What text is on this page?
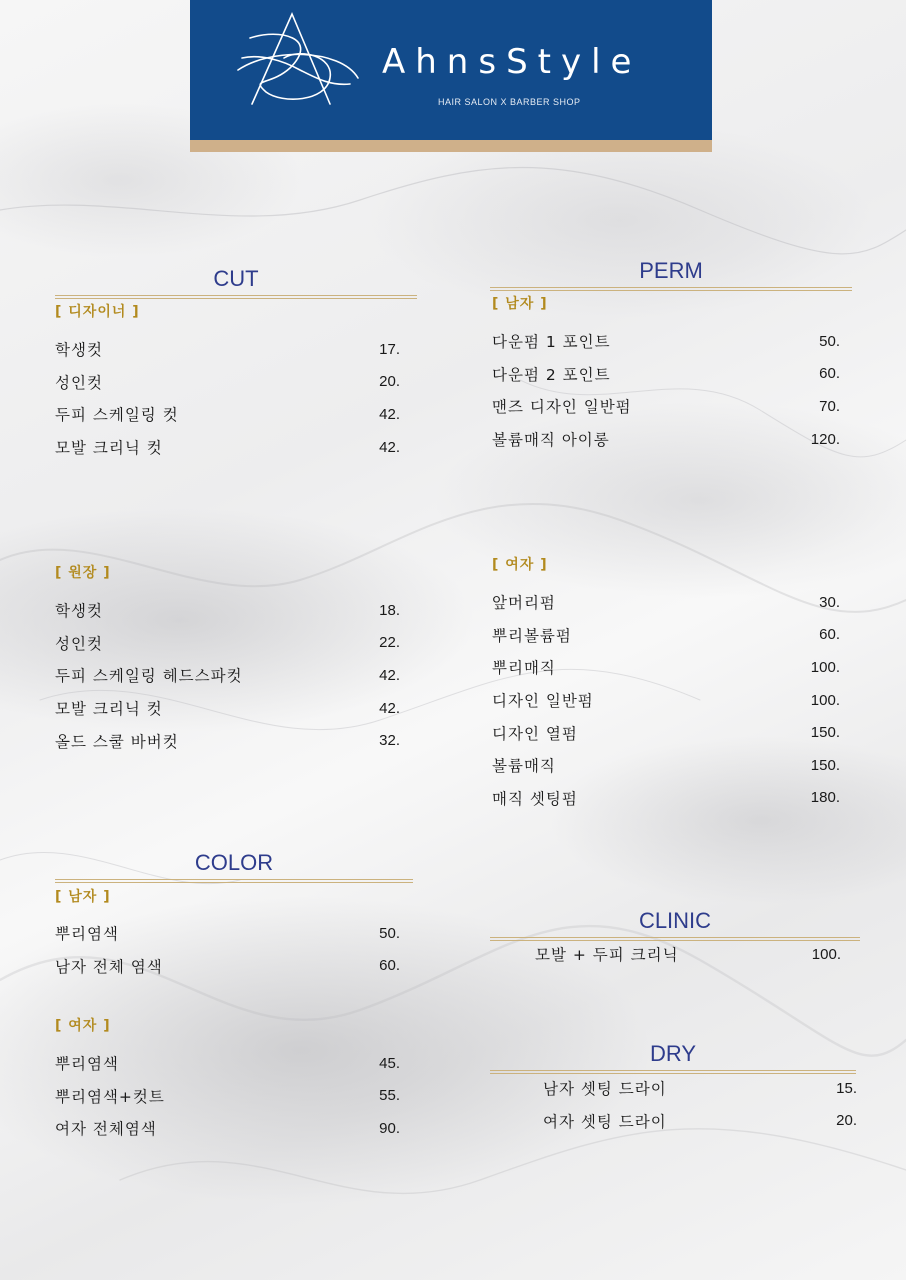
AhnsStyle
HAIR SALON X BARBER SHOP
CUT
[ 디자이너 ]
학생컷	17.
성인컷	20.
두피 스케일링 컷	42.
모발 크리닉 컷	42.
[ 원장 ]
학생컷	18.
성인컷	22.
두피 스케일링 헤드스파컷	42.
모발 크리닉 컷	42.
올드 스쿨 바버컷	32.
PERM
[ 남자 ]
다운펌 1 포인트	50.
다운펌 2 포인트	60.
맨즈 디자인 일반펌	70.
볼륨매직 아이롱	120.
[ 여자 ]
앞머리펌	30.
뿌리볼륨펌	60.
뿌리매직	100.
디자인 일반펌	100.
디자인 열펌	150.
볼륨매직	150.
매직 셋팅펌	180.
COLOR
[ 남자 ]
뿌리염색	50.
남자 전체 염색	60.
[ 여자 ]
뿌리염색	45.
뿌리염색+컷트	55.
여자 전체염색	90.
CLINIC
모발 + 두피 크리닉	100.
DRY
남자 셋팅 드라이	15.
여자 셋팅 드라이	20.
